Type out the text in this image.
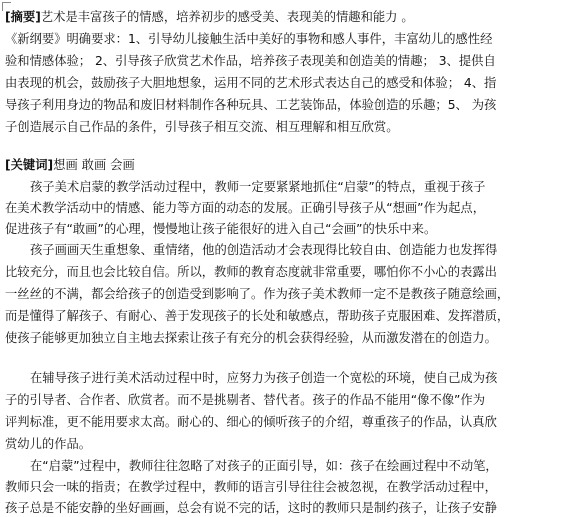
[摘要]艺术是丰富孩子的情感，培养初步的感受美、表现美的情趣和能力 。
《新纲要》明确要求：1、引导幼儿接触生活中美好的事物和感人事件，丰富幼儿的感性经
验和情感体验； 2、引导孩子欣赏艺术作品，培养孩子表现美和创造美的情趣； 3、提供自
由表现的机会，鼓励孩子大胆地想象，运用不同的艺术形式表达自己的感受和体验； 4、指
导孩子利用身边的物品和废旧材料制作各种玩具、工艺装饰品，体验创造的乐趣；5、 为孩
子创造展示自己作品的条件，引导孩子相互交流、相互理解和相互欣赏。
[关键词]想画 敢画 会画
孩子美术启蒙的教学活动过程中，教师一定要紧紧地抓住“启蒙”的特点，重视于孩子
在美术教学活动中的情感、能力等方面的动态的发展。正确引导孩子从“想画”作为起点，
促进孩子有“敢画”的心理，慢慢地让孩子能很好的进入自己“会画”的快乐中来。
孩子画画天生重想象、重情绪，他的创造活动才会表现得比较自由、创造能力也发挥得
比较充分，而且也会比较自信。所以，教师的教育态度就非常重要，哪怕你不小心的表露出
一丝丝的不满，都会给孩子的创造受到影响了。作为孩子美术教师一定不是教孩子随意绘画，
而是懂得了解孩子、有耐心、善于发现孩子的长处和敏感点，帮助孩子克服困难、发挥潜质，
使孩子能够更加独立自主地去探索让孩子有充分的机会获得经验，从而激发潜在的创造力。
在辅导孩子进行美术活动过程中时，应努力为孩子创造一个宽松的环境，使自己成为孩
子的引导者、合作者、欣赏者。而不是挑剔者、替代者。孩子的作品不能用“像不像”作为
评判标准，更不能用要求太高。耐心的、细心的倾听孩子的介绍，尊重孩子的作品，认真欣
赏幼儿的作品。
在“启蒙”过程中，教师往往忽略了对孩子的正面引导，如：孩子在绘画过程中不动笔，
教师只会一味的指责；在教学过程中，教师的语言引导往往会被忽视，在教学活动过程中，
孩子总是不能安静的坐好画画，总会有说不完的话，这时的教师只是制约孩子，让孩子安静
